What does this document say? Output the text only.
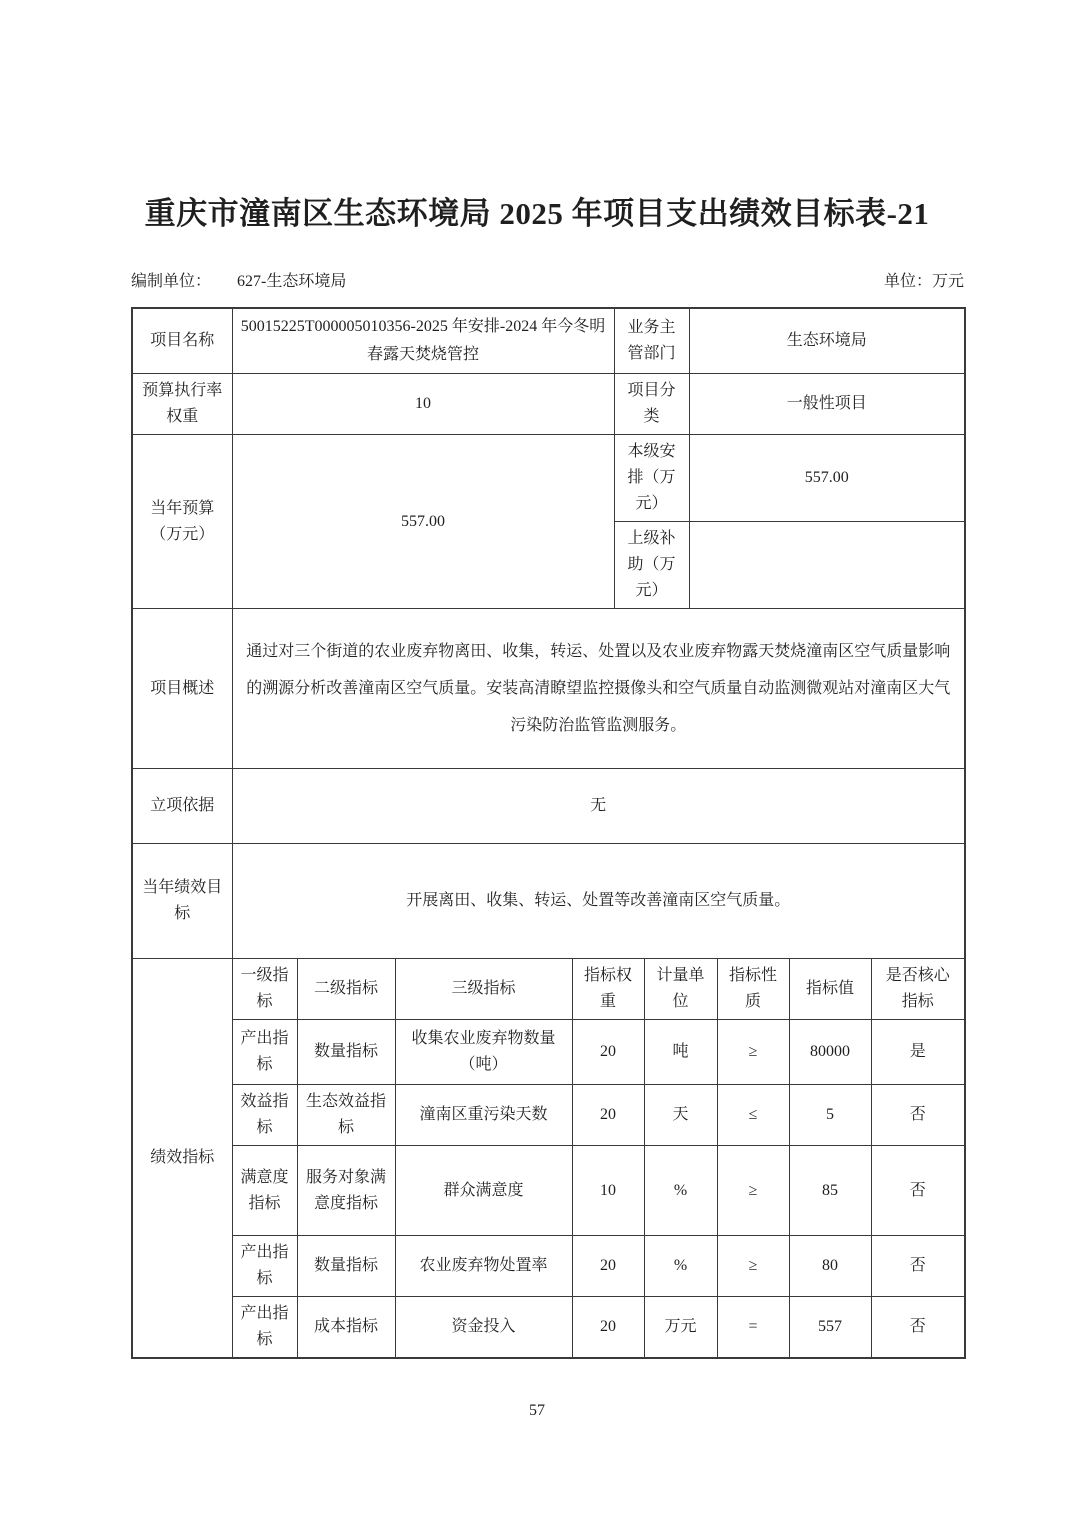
重庆市潼南区生态环境局 2025 年项目支出绩效目标表-21
编制单位： 627-生态环境局	单位：万元
项目名称	50015225T000005010356-2025 年安排-2024 年今冬明春露天焚烧管控				业务主管部门		生态环境局			
预算执行率权重	10				项目分类		一般性项目			
当年预算（万元）	557.00				本级安排（万元）		557.00			
					上级补助（万元）					
项目概述	通过对三个街道的农业废弃物离田、收集，转运、处置以及农业废弃物露天焚烧潼南区空气质量影响的溯源分析改善潼南区空气质量。安装高清瞭望监控摄像头和空气质量自动监测微观站对潼南区大气污染防治监管监测服务。									
立项依据	无									
当年绩效目标	开展离田、收集、转运、处置等改善潼南区空气质量。									
绩效指标	一级指标	二级指标	三级指标	指标权重		计量单位		指标性质	指标值	是否核心指标
	产出指标	数量指标	收集农业废弃物数量（吨）	20		吨		≥	80000	是
	效益指标	生态效益指标	潼南区重污染天数	20		天		≤	5	否
	满意度指标	服务对象满意度指标	群众满意度	10		%		≥	85	否
	产出指标	数量指标	农业废弃物处置率	20		%		≥	80	否
	产出指标	成本指标	资金投入	20		万元		=	557	否
57
